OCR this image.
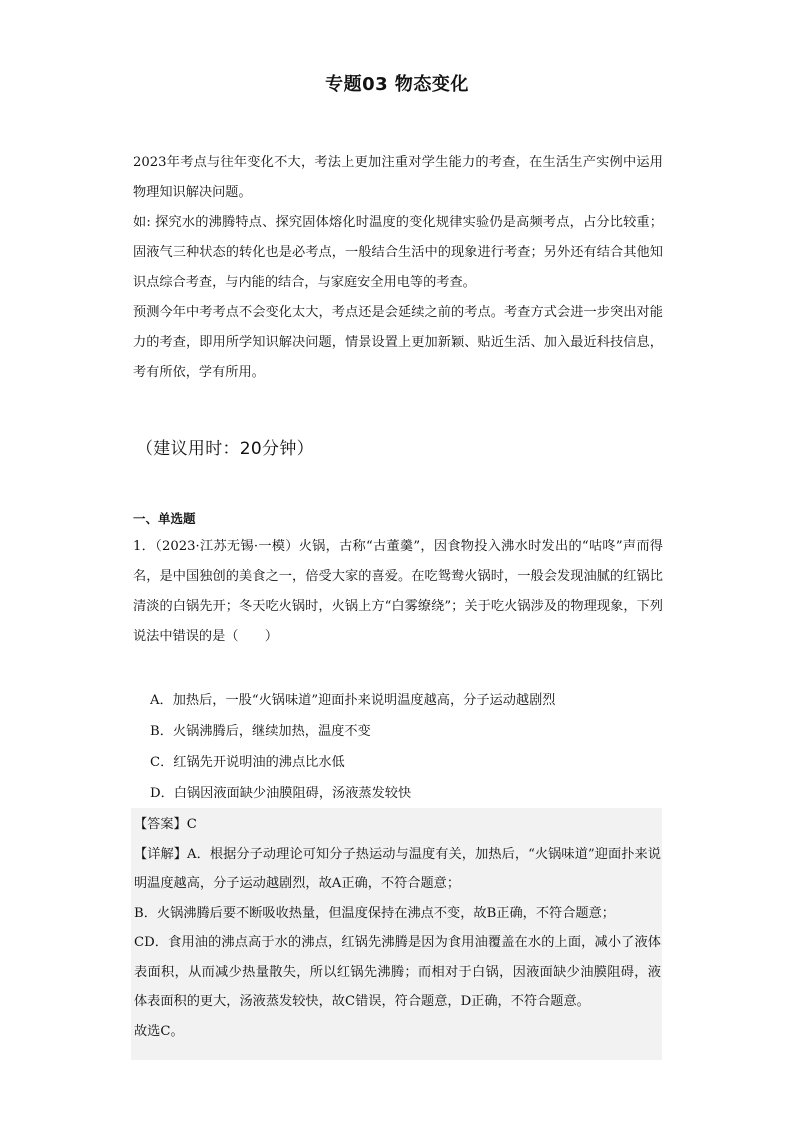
专题03 物态变化

2023年考点与往年变化不大，考法上更加注重对学生能力的考查，在生活生产实例中运用物理知识解决问题。

如: 探究水的沸腾特点、探究固体熔化时温度的变化规律实验仍是高频考点，占分比较重；固液气三种状态的转化也是必考点，一般结合生活中的现象进行考查；另外还有结合其他知识点综合考查，与内能的结合，与家庭安全用电等的考查。

预测今年中考考点不会变化太大，考点还是会延续之前的考点。考查方式会进一步突出对能力的考查，即用所学知识解决问题，情景设置上更加新颖、贴近生活、加入最近科技信息，考有所依，学有所用。

（建议用时：20分钟）
一、单选题

1．（2023·江苏无锡·一模）火锅，古称“古董羹”，因食物投入沸水时发出的“咕咚”声而得名，是中国独创的美食之一，倍受大家的喜爱。在吃鸳鸯火锅时，一般会发现油腻的红锅比清淡的白锅先开；冬天吃火锅时，火锅上方“白雾缭绕”；关于吃火锅涉及的物理现象，下列说法中错误的是（　　）

A．加热后，一股“火锅味道”迎面扑来说明温度越高，分子运动越剧烈
B．火锅沸腾后，继续加热，温度不变
C．红锅先开说明油的沸点比水低
D．白锅因液面缺少油膜阻碍，汤液蒸发较快

【答案】C

【详解】A．根据分子动理论可知分子热运动与温度有关，加热后，“火锅味道”迎面扑来说明温度越高，分子运动越剧烈，故A正确，不符合题意；

B．火锅沸腾后要不断吸收热量，但温度保持在沸点不变，故B正确，不符合题意；

CD．食用油的沸点高于水的沸点，红锅先沸腾是因为食用油覆盖在水的上面，减小了液体表面积，从而减少热量散失，所以红锅先沸腾；而相对于白锅，因液面缺少油膜阻碍，液体表面积的更大，汤液蒸发较快，故C错误，符合题意，D正确，不符合题意。

故选C。
